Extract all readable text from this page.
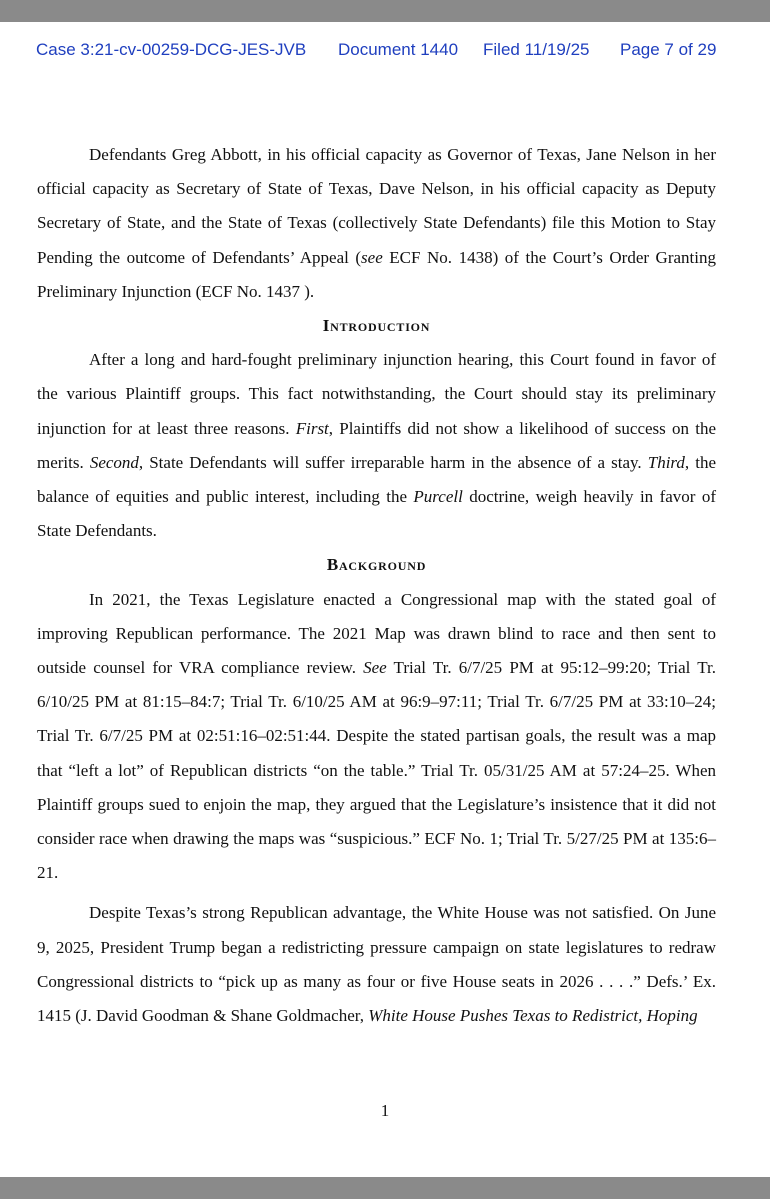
Case 3:21-cv-00259-DCG-JES-JVB Document 1440 Filed 11/19/25 Page 7 of 29

Defendants Greg Abbott, in his official capacity as Governor of Texas, Jane Nelson in her official capacity as Secretary of State of Texas, Dave Nelson, in his official capacity as Deputy Secretary of State, and the State of Texas (collectively State Defendants) file this Motion to Stay Pending the outcome of Defendants’ Appeal (see ECF No. 1438) of the Court’s Order Granting Preliminary Injunction (ECF No. 1437 ).

Introduction

After a long and hard-fought preliminary injunction hearing, this Court found in favor of the various Plaintiff groups. This fact notwithstanding, the Court should stay its preliminary injunction for at least three reasons. First, Plaintiffs did not show a likelihood of success on the merits. Second, State Defendants will suffer irreparable harm in the absence of a stay. Third, the balance of equities and public interest, including the Purcell doctrine, weigh heavily in favor of State Defendants.

Background

In 2021, the Texas Legislature enacted a Congressional map with the stated goal of improving Republican performance. The 2021 Map was drawn blind to race and then sent to outside counsel for VRA compliance review. See Trial Tr. 6/7/25 PM at 95:12–99:20; Trial Tr. 6/10/25 PM at 81:15–84:7; Trial Tr. 6/10/25 AM at 96:9–97:11; Trial Tr. 6/7/25 PM at 33:10–24; Trial Tr. 6/7/25 PM at 02:51:16–02:51:44. Despite the stated partisan goals, the result was a map that “left a lot” of Republican districts “on the table.” Trial Tr. 05/31/25 AM at 57:24–25. When Plaintiff groups sued to enjoin the map, they argued that the Legislature’s insistence that it did not consider race when drawing the maps was “suspicious.” ECF No. 1; Trial Tr. 5/27/25 PM at 135:6–21.

Despite Texas’s strong Republican advantage, the White House was not satisfied. On June 9, 2025, President Trump began a redistricting pressure campaign on state legislatures to redraw Congressional districts to “pick up as many as four or five House seats in 2026 . . . .” Defs.’ Ex. 1415 (J. David Goodman & Shane Goldmacher, White House Pushes Texas to Redistrict, Hoping

1
